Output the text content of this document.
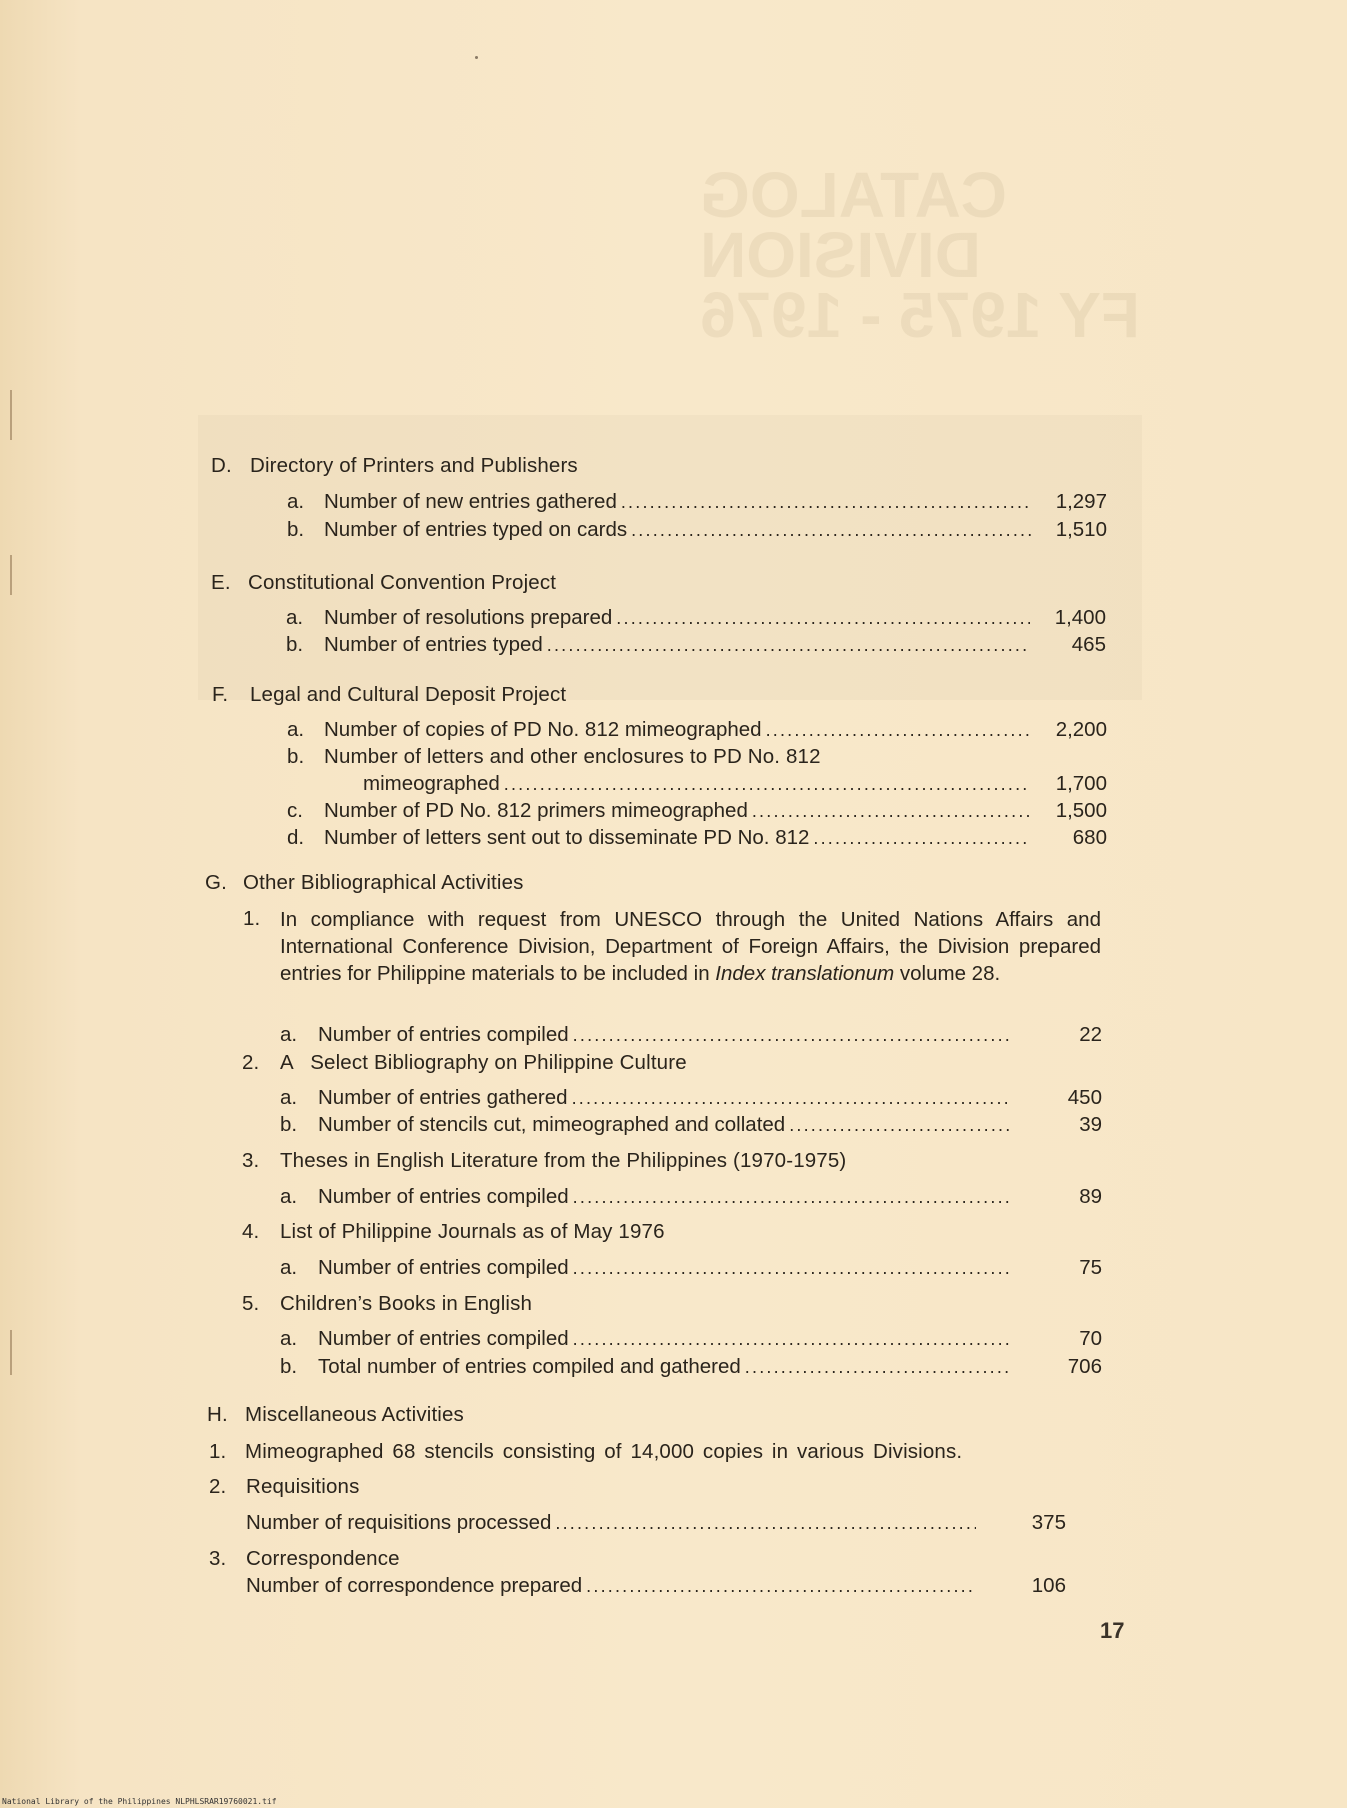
CATALOG
DIVISION
FY 1975 - 1976
D. Directory of Printers and Publishers
a. Number of new entries gathered . . .	1,297
b. Number of entries typed on cards . . .	1,510
E. Constitutional Convention Project
a. Number of resolutions prepared . . .	1,400
b. Number of entries typed . . .	465
F. Legal and Cultural Deposit Project
a. Number of copies of PD No. 812 mimeographed . . .	2,200
b. Number of letters and other enclosures to PD No. 812
mimeographed . . .	1,700
c. Number of PD No. 812 primers mimeographed . . .	1,500
d. Number of letters sent out to disseminate PD No. 812 . . .	680
G. Other Bibliographical Activities
1. In compliance with request from UNESCO through the United Nations Affairs and International Conference Division, Department of Foreign Affairs, the Division prepared entries for Philippine materials to be included in Index translationum volume 28.
a. Number of entries compiled . . .	22
2. A   Select Bibliography on Philippine Culture
a. Number of entries gathered . . .	450
b. Number of stencils cut, mimeographed and collated . . .	39
3. Theses in English Literature from the Philippines (1970-1975)
a. Number of entries compiled . . .	89
4. List of Philippine Journals as of May 1976
a. Number of entries compiled . . .	75
5. Children’s Books in English
a. Number of entries compiled . . .	70
b. Total number of entries compiled and gathered . . .	706
H. Miscellaneous Activities
1. Mimeographed 68 stencils consisting of 14,000 copies in various Divisions.
2. Requisitions
Number of requisitions processed . . .	375
3. Correspondence
Number of correspondence prepared . . .	106
17
National Library of the Philippines NLPHLSRAR19760021.tif
